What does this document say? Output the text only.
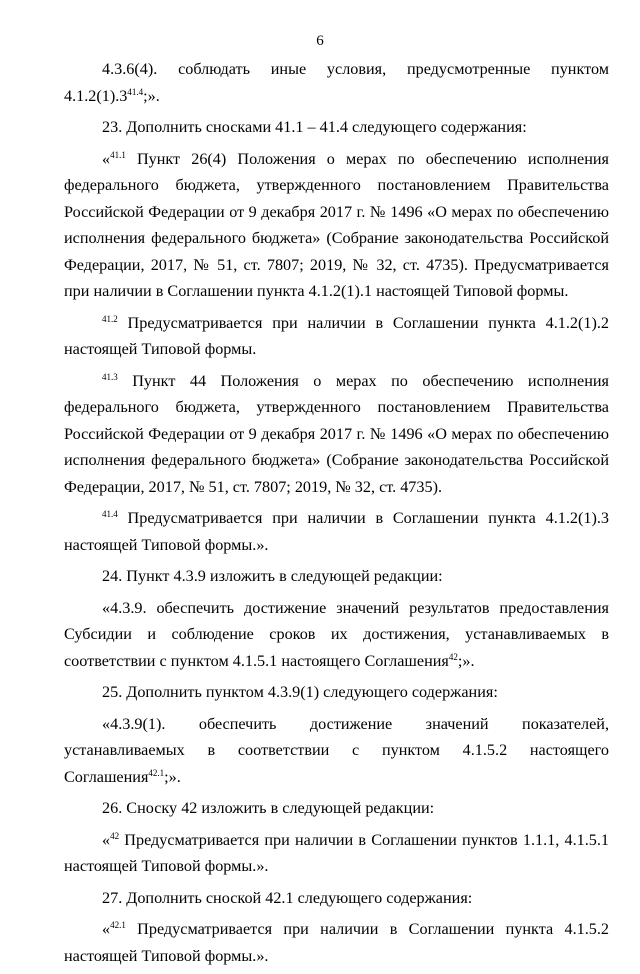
6

4.3.6(4). соблюдать иные условия, предусмотренные пунктом $4.1.2(1).3^{41.4}$;».

23. Дополнить сносками 41.1 – 41.4 следующего содержания:

«$^{41.1}$ Пункт 26(4) Положения о мерах по обеспечению исполнения федерального бюджета, утвержденного постановлением Правительства Российской Федерации от 9 декабря 2017 г. № 1496 «О мерах по обеспечению исполнения федерального бюджета» (Собрание законодательства Российской Федерации, 2017, № 51, ст. 7807; 2019, № 32, ст. 4735). Предусматривается при наличии в Соглашении пункта 4.1.2(1).1 настоящей Типовой формы.

$^{41.2}$ Предусматривается при наличии в Соглашении пункта 4.1.2(1).2 настоящей Типовой формы.

$^{41.3}$ Пункт 44 Положения о мерах по обеспечению исполнения федерального бюджета, утвержденного постановлением Правительства Российской Федерации от 9 декабря 2017 г. № 1496 «О мерах по обеспечению исполнения федерального бюджета» (Собрание законодательства Российской Федерации, 2017, № 51, ст. 7807; 2019, № 32, ст. 4735).

$^{41.4}$ Предусматривается при наличии в Соглашении пункта 4.1.2(1).3 настоящей Типовой формы.».

24. Пункт 4.3.9 изложить в следующей редакции:

«4.3.9. обеспечить достижение значений результатов предоставления Субсидии и соблюдение сроков их достижения, устанавливаемых в соответствии с пунктом 4.1.5.1 настоящего Соглашения$^{42}$;».

25. Дополнить пунктом 4.3.9(1) следующего содержания:

«4.3.9(1). обеспечить достижение значений показателей, устанавливаемых в соответствии с пунктом 4.1.5.2 настоящего Соглашения$^{42.1}$;».

26. Сноску 42 изложить в следующей редакции:

«$^{42}$ Предусматривается при наличии в Соглашении пунктов 1.1.1, 4.1.5.1 настоящей Типовой формы.».

27. Дополнить сноской 42.1 следующего содержания:

«$^{42.1}$ Предусматривается при наличии в Соглашении пункта 4.1.5.2 настоящей Типовой формы.».
